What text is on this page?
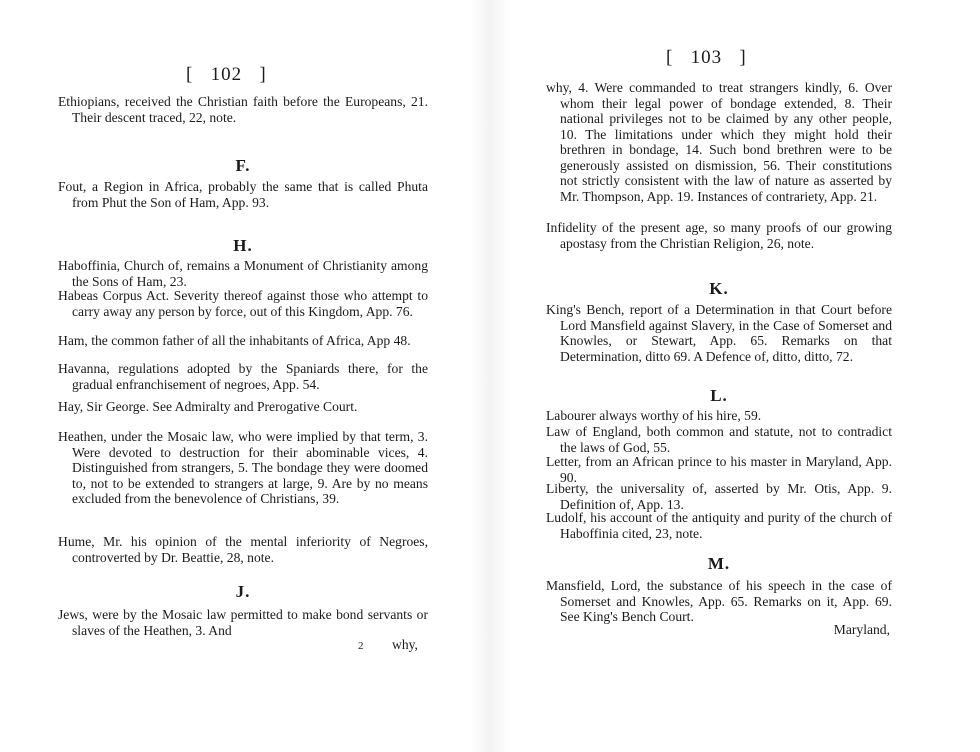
[   102   ]
Ethiopians, received the Christian faith before the Europeans, 21. Their descent traced, 22, note.
F.
Fout, a Region in Africa, probably the same that is called Phuta from Phut the Son of Ham, App. 93.
H.
Haboffinia, Church of, remains a Monument of Christianity among the Sons of Ham, 23.
Habeas Corpus Act. Severity thereof against those who attempt to carry away any person by force, out of this Kingdom, App. 76.
Ham, the common father of all the inhabitants of Africa, App 48.
Havanna, regulations adopted by the Spaniards there, for the gradual enfranchisement of negroes, App. 54.
Hay, Sir George. See Admiralty and Prerogative Court.
Heathen, under the Mosaic law, who were implied by that term, 3. Were devoted to destruction for their abominable vices, 4. Distinguished from strangers, 5. The bondage they were doomed to, not to be extended to strangers at large, 9. Are by no means excluded from the benevolence of Christians, 39.
Hume, Mr. his opinion of the mental inferiority of Negroes, controverted by Dr. Beattie, 28, note.
J.
Jews, were by the Mosaic law permitted to make bond servants or slaves of the Heathen, 3. And
2 why,
[   103   ]
why, 4. Were commanded to treat strangers kindly, 6. Over whom their legal power of bondage extended, 8. Their national privileges not to be claimed by any other people, 10. The limitations under which they might hold their brethren in bondage, 14. Such bond brethren were to be generously assisted on dismission, 56. Their constitutions not strictly consistent with the law of nature as asserted by Mr. Thompson, App. 19. Instances of contrariety, App. 21.
Infidelity of the present age, so many proofs of our growing apostasy from the Christian Religion, 26, note.
K.
King's Bench, report of a Determination in that Court before Lord Mansfield against Slavery, in the Case of Somerset and Knowles, or Stewart, App. 65. Remarks on that Determination, ditto 69. A Defence of, ditto, ditto, 72.
L.
Labourer always worthy of his hire, 59.
Law of England, both common and statute, not to contradict the laws of God, 55.
Letter, from an African prince to his master in Maryland, App. 90.
Liberty, the universality of, asserted by Mr. Otis, App. 9. Definition of, App. 13.
Ludolf, his account of the antiquity and purity of the church of Haboffinia cited, 23, note.
M.
Mansfield, Lord, the substance of his speech in the case of Somerset and Knowles, App. 65. Remarks on it, App. 69. See King's Bench Court.
Maryland,
